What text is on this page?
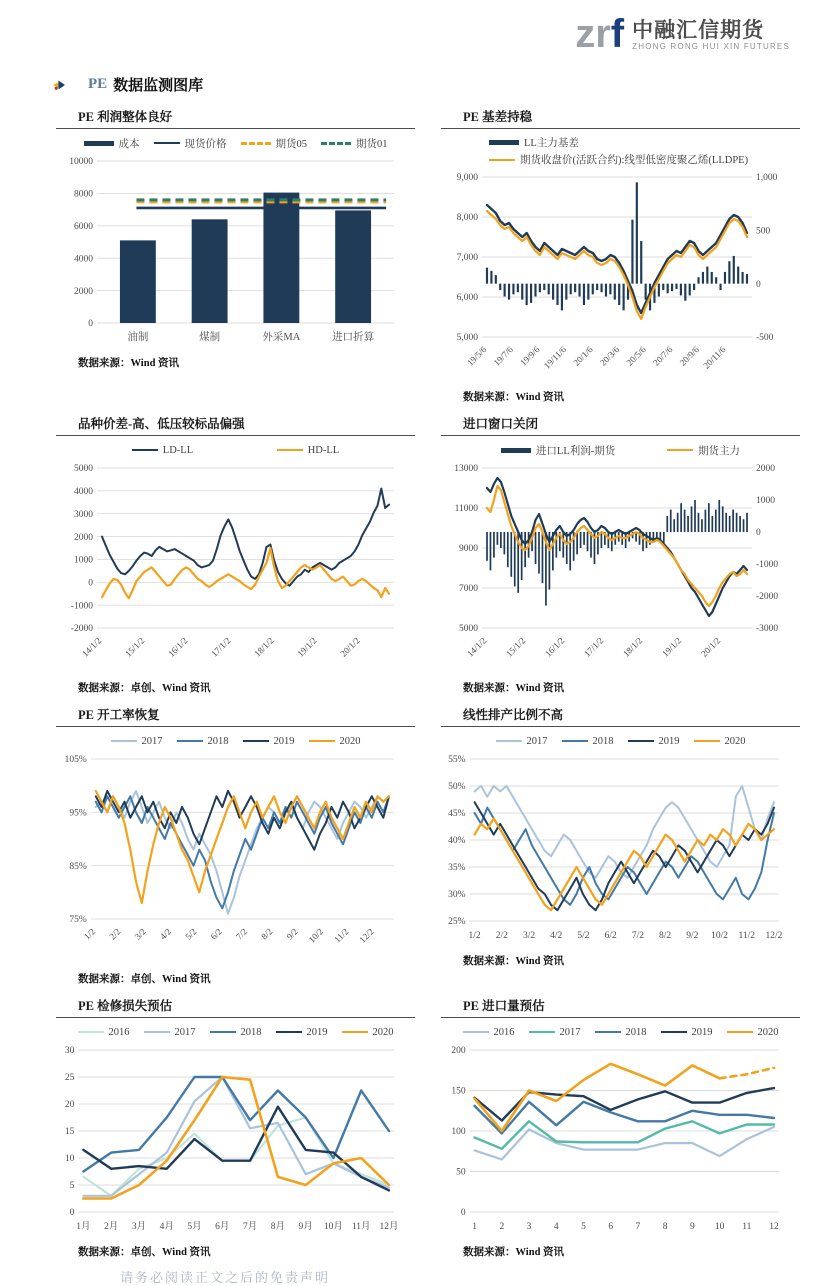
zrf 中融汇信期货
ZHONG RONG HUI XIN FUTURES
PE 数据监测图库
PE 利润整体良好
成本	现货价格	期货05	期货01
10000
8000
6000
4000
2000
0
油制	煤制	外采MA	进口折算
数据来源：Wind 资讯
PE 基差持稳
LL主力基差
期货收盘价(活跃合约):线型低密度聚乙烯(LLDPE)
9,000
8,000
7,000
6,000
5,000
1,000
500
0
-500
19/5/6 19/7/6 19/9/6 19/11/6 20/1/6 20/3/6 20/5/6 20/7/6 20/9/6 20/11/6
数据来源：Wind 资讯
品种价差-高、低压较标品偏强
LD-LL	HD-LL
5000
4000
3000
2000
1000
0
-1000
-2000
14/1/2 15/1/2 16/1/2 17/1/2 18/1/2 19/1/2 20/1/2
数据来源：卓创、Wind 资讯
进口窗口关闭
进口LL利润-期货	期货主力
13000
11000
9000
7000
5000
2000
1000
0
-1000
-2000
-3000
14/1/2 15/1/2 16/1/2 17/1/2 18/1/2 19/1/2 20/1/2
数据来源：Wind 资讯
PE 开工率恢复
2017	2018	2019	2020
105%
95%
85%
75%
1/2 2/2 3/2 4/2 5/2 6/2 7/2 8/2 9/2 10/2 11/2 12/2
数据来源：卓创、Wind 资讯
线性排产比例不高
2017	2018	2019	2020
55%
50%
45%
40%
35%
30%
25%
1/2 2/2 3/2 4/2 5/2 6/2 7/2 8/2 9/2 10/2 11/2 12/2
数据来源：Wind 资讯
PE 检修损失预估
2016	2017	2018	2019	2020
30
25
20
15
10
5
0
1月 2月 3月 4月 5月 6月 7月 8月 9月 10月 11月 12月
数据来源：卓创、Wind 资讯
PE 进口量预估
2016	2017	2018	2019	2020
200
150
100
50
0
1 2 3 4 5 6 7 8 9 10 11 12
数据来源：Wind 资讯
请务必阅读正文之后的免责声明
